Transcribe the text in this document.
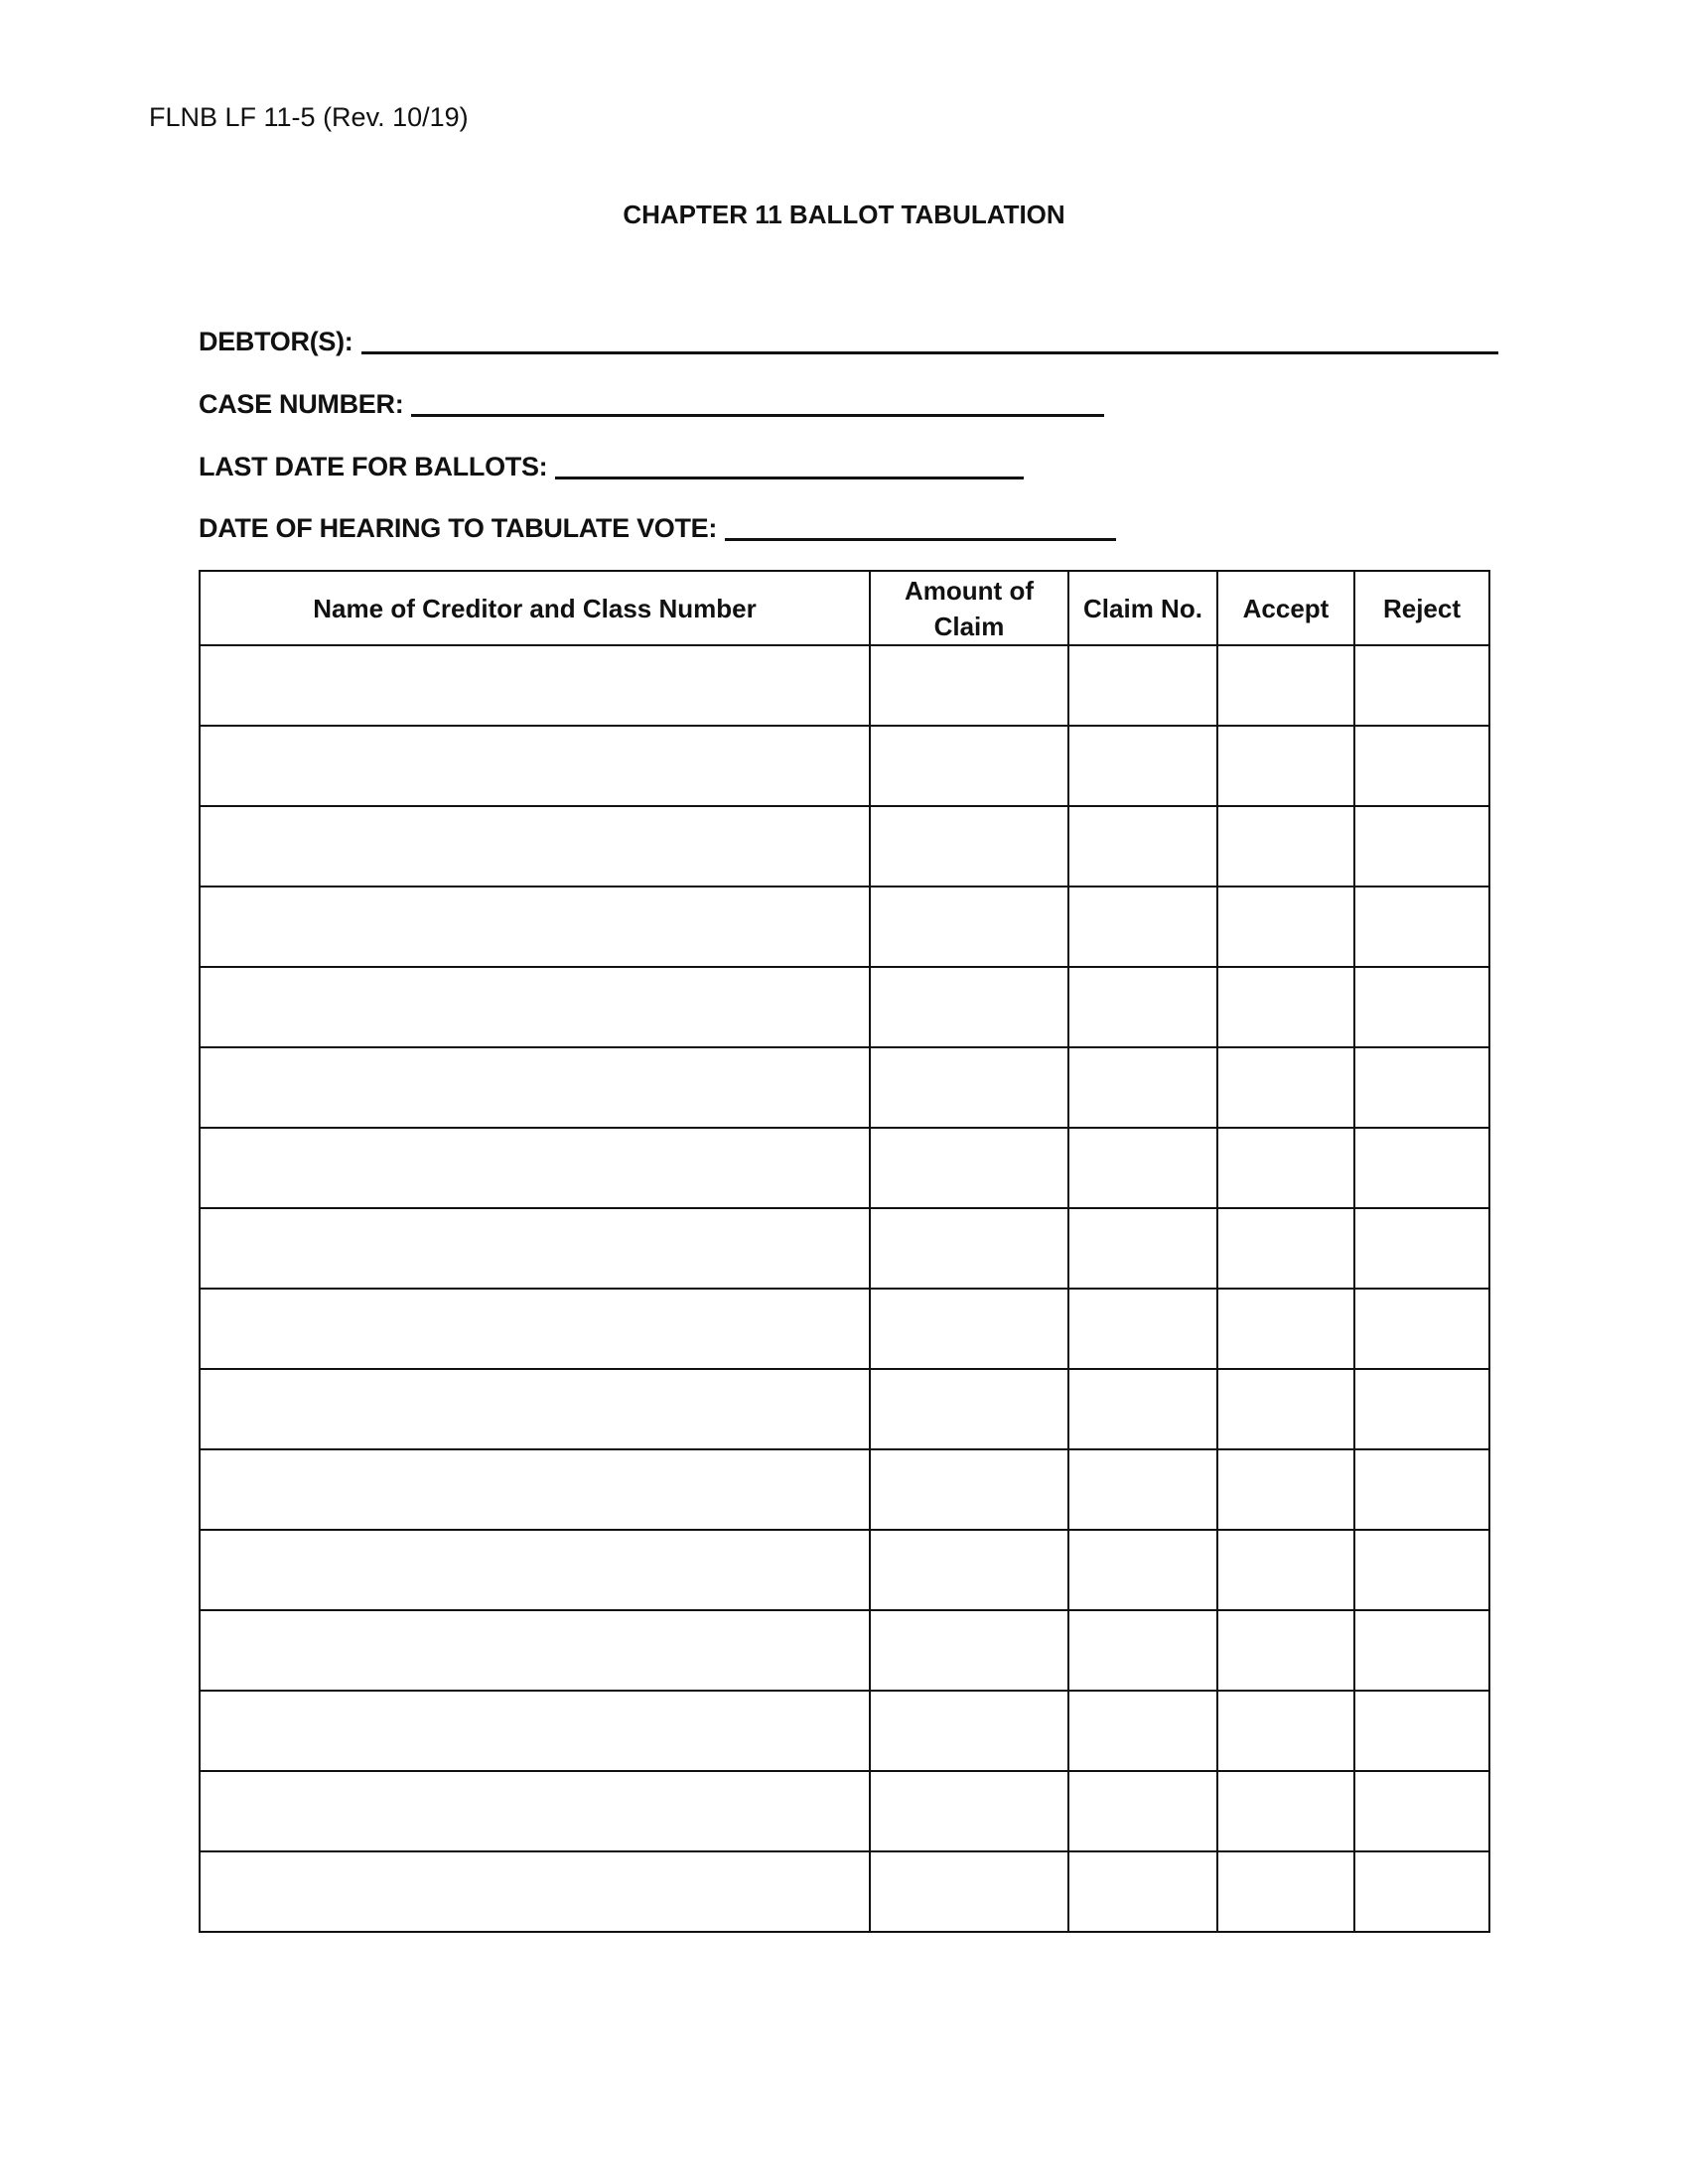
FLNB LF 11-5 (Rev. 10/19)
CHAPTER 11 BALLOT TABULATION
DEBTOR(S):
CASE NUMBER:
LAST DATE FOR BALLOTS:
DATE OF HEARING TO TABULATE VOTE:
Name of Creditor and Class Number	Amount of Claim	Claim No.	Accept	Reject
